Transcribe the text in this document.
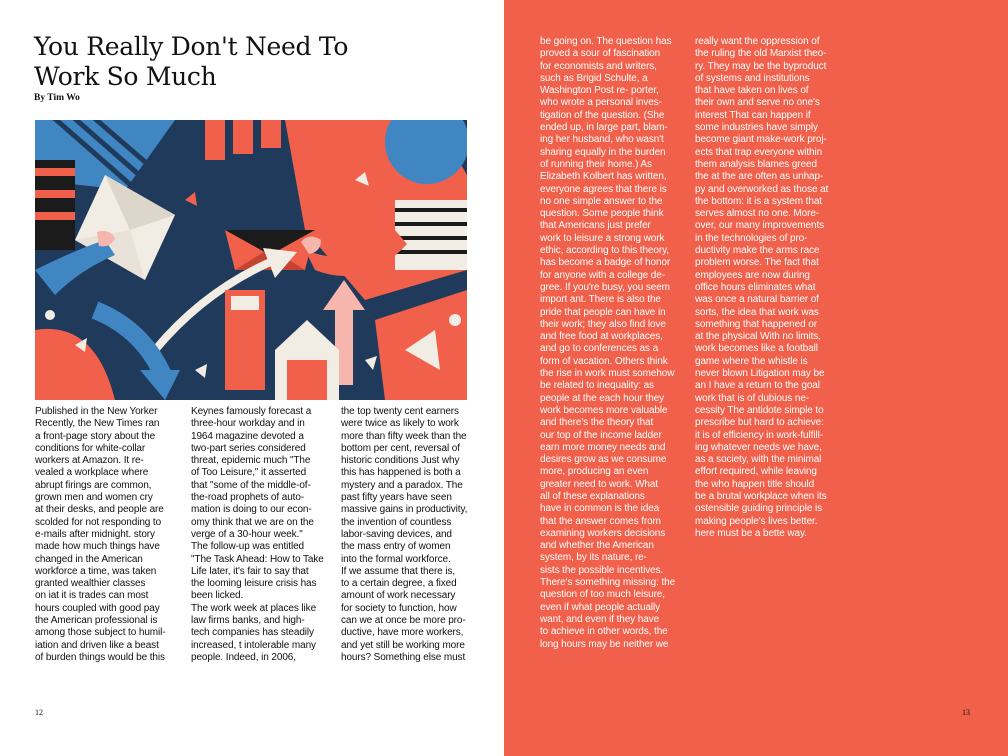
You Really Don't Need To
Work So Much
By Tim Wo
Published in the New Yorker
Recently, the New Times ran
a front-page story about the
conditions for white-collar
workers at Amazon. It re-
vealed a workplace where
abrupt firings are common,
grown men and women cry
at their desks, and people are
scolded for not responding to
e-mails after midnight. story
made how much things have
changed in the American
workforce a time, was taken
granted wealthier classes
on iat it is trades can most
hours coupled with good pay
the American professional is
among those subject to humil-
iation and driven like a beast
of burden things would be this
Keynes famously forecast a
three-hour workday and in
1964 magazine devoted a
two-part series considered
threat, epidemic much "The
of Too Leisure," it asserted
that "some of the middle-of-
the-road prophets of auto-
mation is doing to our econ-
omy think that we are on the
verge of a 30-hour week."
The follow-up was entitled
"The Task Ahead: How to Take
Life later, it's fair to say that
the looming leisure crisis has
been licked.
The work week at places like
law firms banks, and high-
tech companies has steadily
increased, t intolerable many
people. Indeed, in 2006,
the top twenty cent earners
were twice as likely to work
more than fifty week than the
bottom per cent, reversal of
historic conditions Just why
this has happened is both a
mystery and a paradox. The
past fifty years have seen
massive gains in productivity,
the invention of countless
labor-saving devices, and
the mass entry of women
into the formal workforce.
If we assume that there is,
to a certain degree, a fixed
amount of work necessary
for society to function, how
can we at once be more pro-
ductive, have more workers,
and yet still be working more
hours? Something else must
be going on. The question has
proved a sour of fascination
for economists and writers,
such as Brigid Schulte, a
Washington Post re- porter,
who wrote a personal inves-
tigation of the question. (She
ended up, in large part, blam-
ing her husband, who wasn't
sharing equally in the burden
of running their home.) As
Elizabeth Kolbert has written,
everyone agrees that there is
no one simple answer to the
question. Some people think
that Americans just prefer
work to leisure a strong work
ethic, according to this theory,
has become a badge of honor
for anyone with a college de-
gree. If you're busy, you seem
import ant. There is also the
pride that people can have in
their work; they also find love
and free food at workplaces,
and go to conferences as a
form of vacation. Others think
the rise in work must somehow
be related to inequality: as
people at the each hour they
work becomes more valuable
and there's the theory that
our top of the income ladder
earn more money needs and
desires grow as we consume
more, producing an even
greater need to work. What
all of these explanations
have in common is the idea
that the answer comes from
examining workers decisions
and whether the American
system, by its nature, re-
sists the possible incentives.
There's something missing: the
question of too much leisure,
even if what people actually
want, and even if they have
to achieve in other words, the
long hours may be neither we
really want the oppression of
the ruling the old Marxist theo-
ry. They may be the byproduct
of systems and institutions
that have taken on lives of
their own and serve no one's
interest That can happen if
some industries have simply
become giant make-work proj-
ects that trap everyone within
them analysis blames greed
the at the are often as unhap-
py and overworked as those at
the bottom: it is a system that
serves almost no one. More-
over, our many improvements
in the technologies of pro-
ductivity make the arms race
problem worse. The fact that
employees are now during
office hours eliminates what
was once a natural barrier of
sorts, the idea that work was
something that happened or
at the physical With no limits,
work becomes like a football
game where the whistle is
never blown Litigation may be
an I have a return to the goal
work that is of dubious ne-
cessity The antidote simple to
prescribe but hard to achieve:
it is of efficiency in work-fulfill-
ing whatever needs we have,
as a society, with the minimal
effort required, while leaving
the who happen title should
be a brutal workplace when its
ostensible guiding principle is
making people's lives better.
here must be a bette way.
12	13
